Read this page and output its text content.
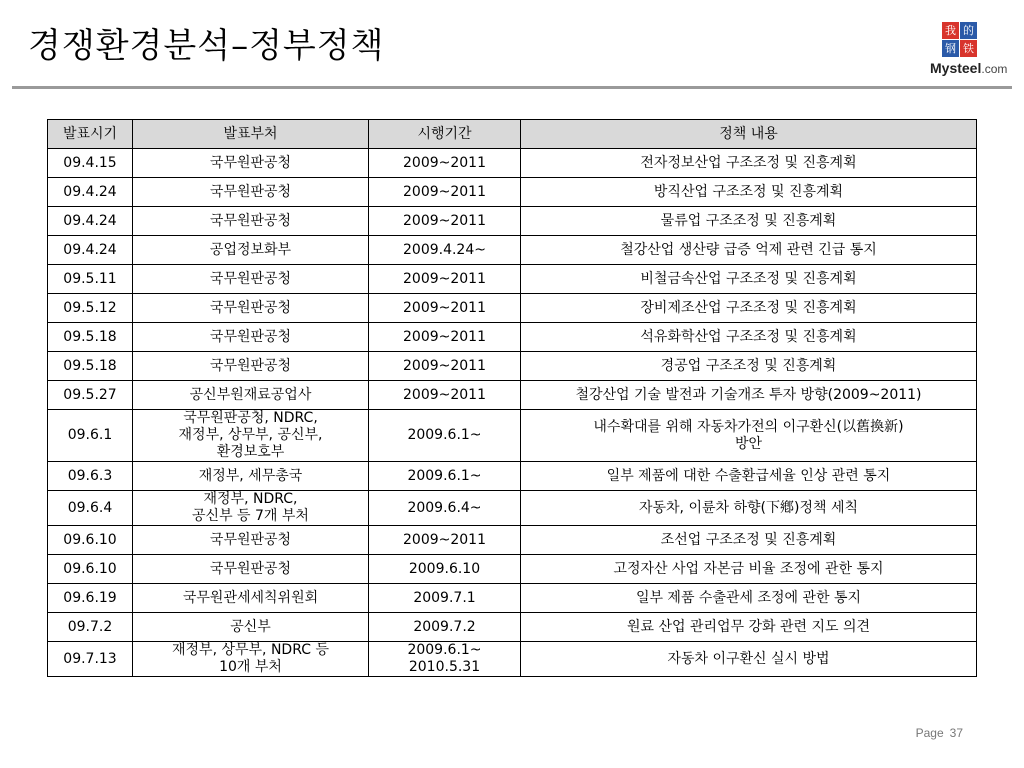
경쟁환경분석–정부정책	我 的
钢 铁
Mysteel.com
발표시기	발표부처	시행기간	정책 내용
09.4.15	국무원판공청	2009~2011	전자정보산업 구조조정 및 진흥계획
09.4.24	국무원판공청	2009~2011	방직산업 구조조정 및 진흥계획
09.4.24	국무원판공청	2009~2011	물류업 구조조정 및 진흥계획
09.4.24	공업정보화부	2009.4.24~	철강산업 생산량 급증 억제 관련 긴급 통지
09.5.11	국무원판공청	2009~2011	비철금속산업 구조조정 및 진흥계획
09.5.12	국무원판공청	2009~2011	장비제조산업 구조조정 및 진흥계획
09.5.18	국무원판공청	2009~2011	석유화학산업 구조조정 및 진흥계획
09.5.18	국무원판공청	2009~2011	경공업 구조조정 및 진흥계획
09.5.27	공신부원재료공업사	2009~2011	철강산업 기술 발전과 기술개조 투자 방향(2009~2011)
09.6.1	국무원판공청, NDRC,
재정부, 상무부, 공신부,
환경보호부	2009.6.1~	내수확대를 위해 자동차가전의 이구환신(以舊換新)
방안
09.6.3	재정부, 세무총국	2009.6.1~	일부 제품에 대한 수출환급세율 인상 관련 통지
09.6.4	재정부, NDRC,
공신부 등 7개 부처	2009.6.4~	자동차, 이륜차 하향(下鄕)정책 세칙
09.6.10	국무원판공청	2009~2011	조선업 구조조정 및 진흥계획
09.6.10	국무원판공청	2009.6.10	고정자산 사업 자본금 비율 조정에 관한 통지
09.6.19	국무원관세세칙위원회	2009.7.1	일부 제품 수출관세 조정에 관한 통지
09.7.2	공신부	2009.7.2	원료 산업 관리업무 강화 관련 지도 의견
09.7.13	재정부, 상무부, NDRC 등
10개 부처	2009.6.1~
2010.5.31	자동차 이구환신 실시 방법
Page 37
